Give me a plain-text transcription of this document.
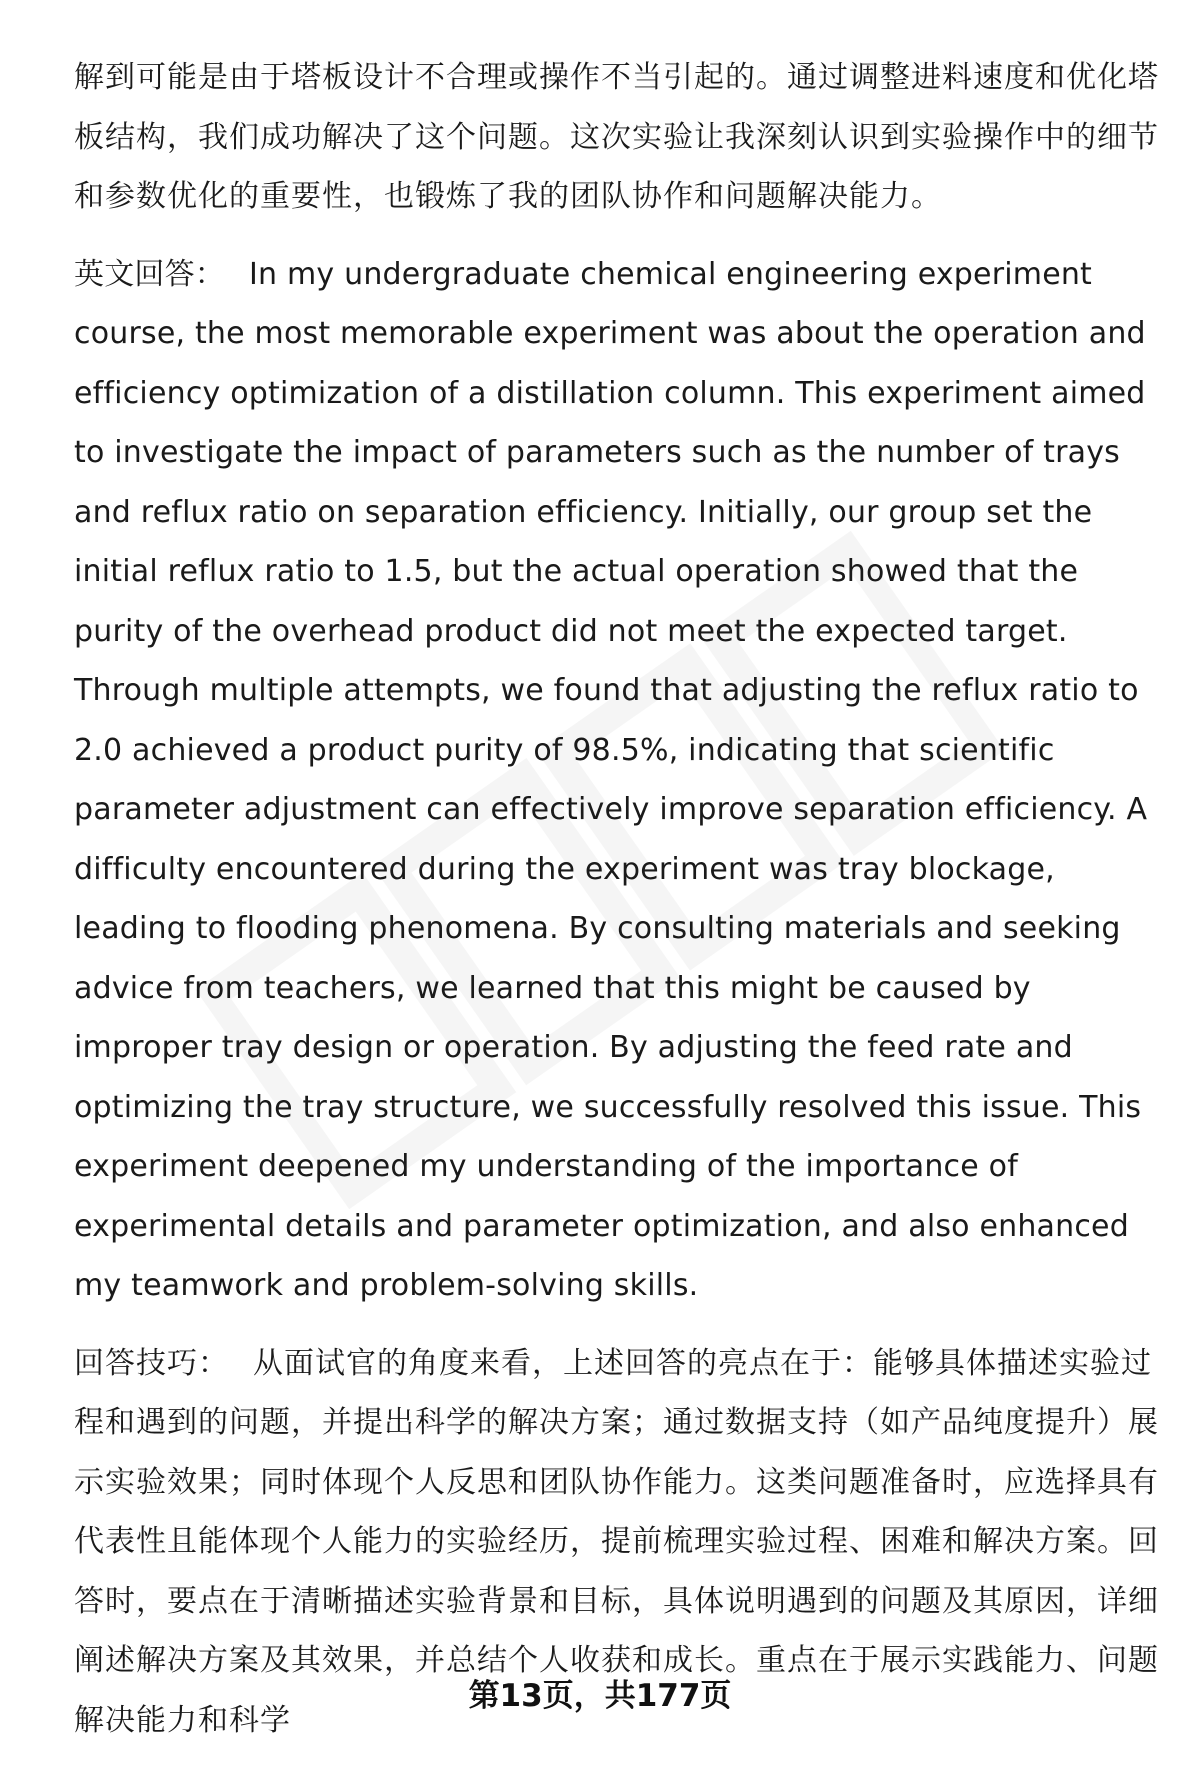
解到可能是由于塔板设计不合理或操作不当引起的。通过调整进料速度和优化塔板结构，我们成功解决了这个问题。这次实验让我深刻认识到实验操作中的细节和参数优化的重要性，也锻炼了我的团队协作和问题解决能力。

英文回答： In my undergraduate chemical engineering experiment course, the most memorable experiment was about the operation and efficiency optimization of a distillation column. This experiment aimed to investigate the impact of parameters such as the number of trays and reflux ratio on separation efficiency. Initially, our group set the initial reflux ratio to 1.5, but the actual operation showed that the purity of the overhead product did not meet the expected target. Through multiple attempts, we found that adjusting the reflux ratio to 2.0 achieved a product purity of 98.5%, indicating that scientific parameter adjustment can effectively improve separation efficiency. A difficulty encountered during the experiment was tray blockage, leading to flooding phenomena. By consulting materials and seeking advice from teachers, we learned that this might be caused by improper tray design or operation. By adjusting the feed rate and optimizing the tray structure, we successfully resolved this issue. This experiment deepened my understanding of the importance of experimental details and parameter optimization, and also enhanced my teamwork and problem-solving skills.

回答技巧： 从面试官的角度来看，上述回答的亮点在于：能够具体描述实验过程和遇到的问题，并提出科学的解决方案；通过数据支持（如产品纯度提升）展示实验效果；同时体现个人反思和团队协作能力。这类问题准备时，应选择具有代表性且能体现个人能力的实验经历，提前梳理实验过程、困难和解决方案。回答时，要点在于清晰描述实验背景和目标，具体说明遇到的问题及其原因，详细阐述解决方案及其效果，并总结个人收获和成长。重点在于展示实践能力、问题解决能力和科学

第13页，共177页
